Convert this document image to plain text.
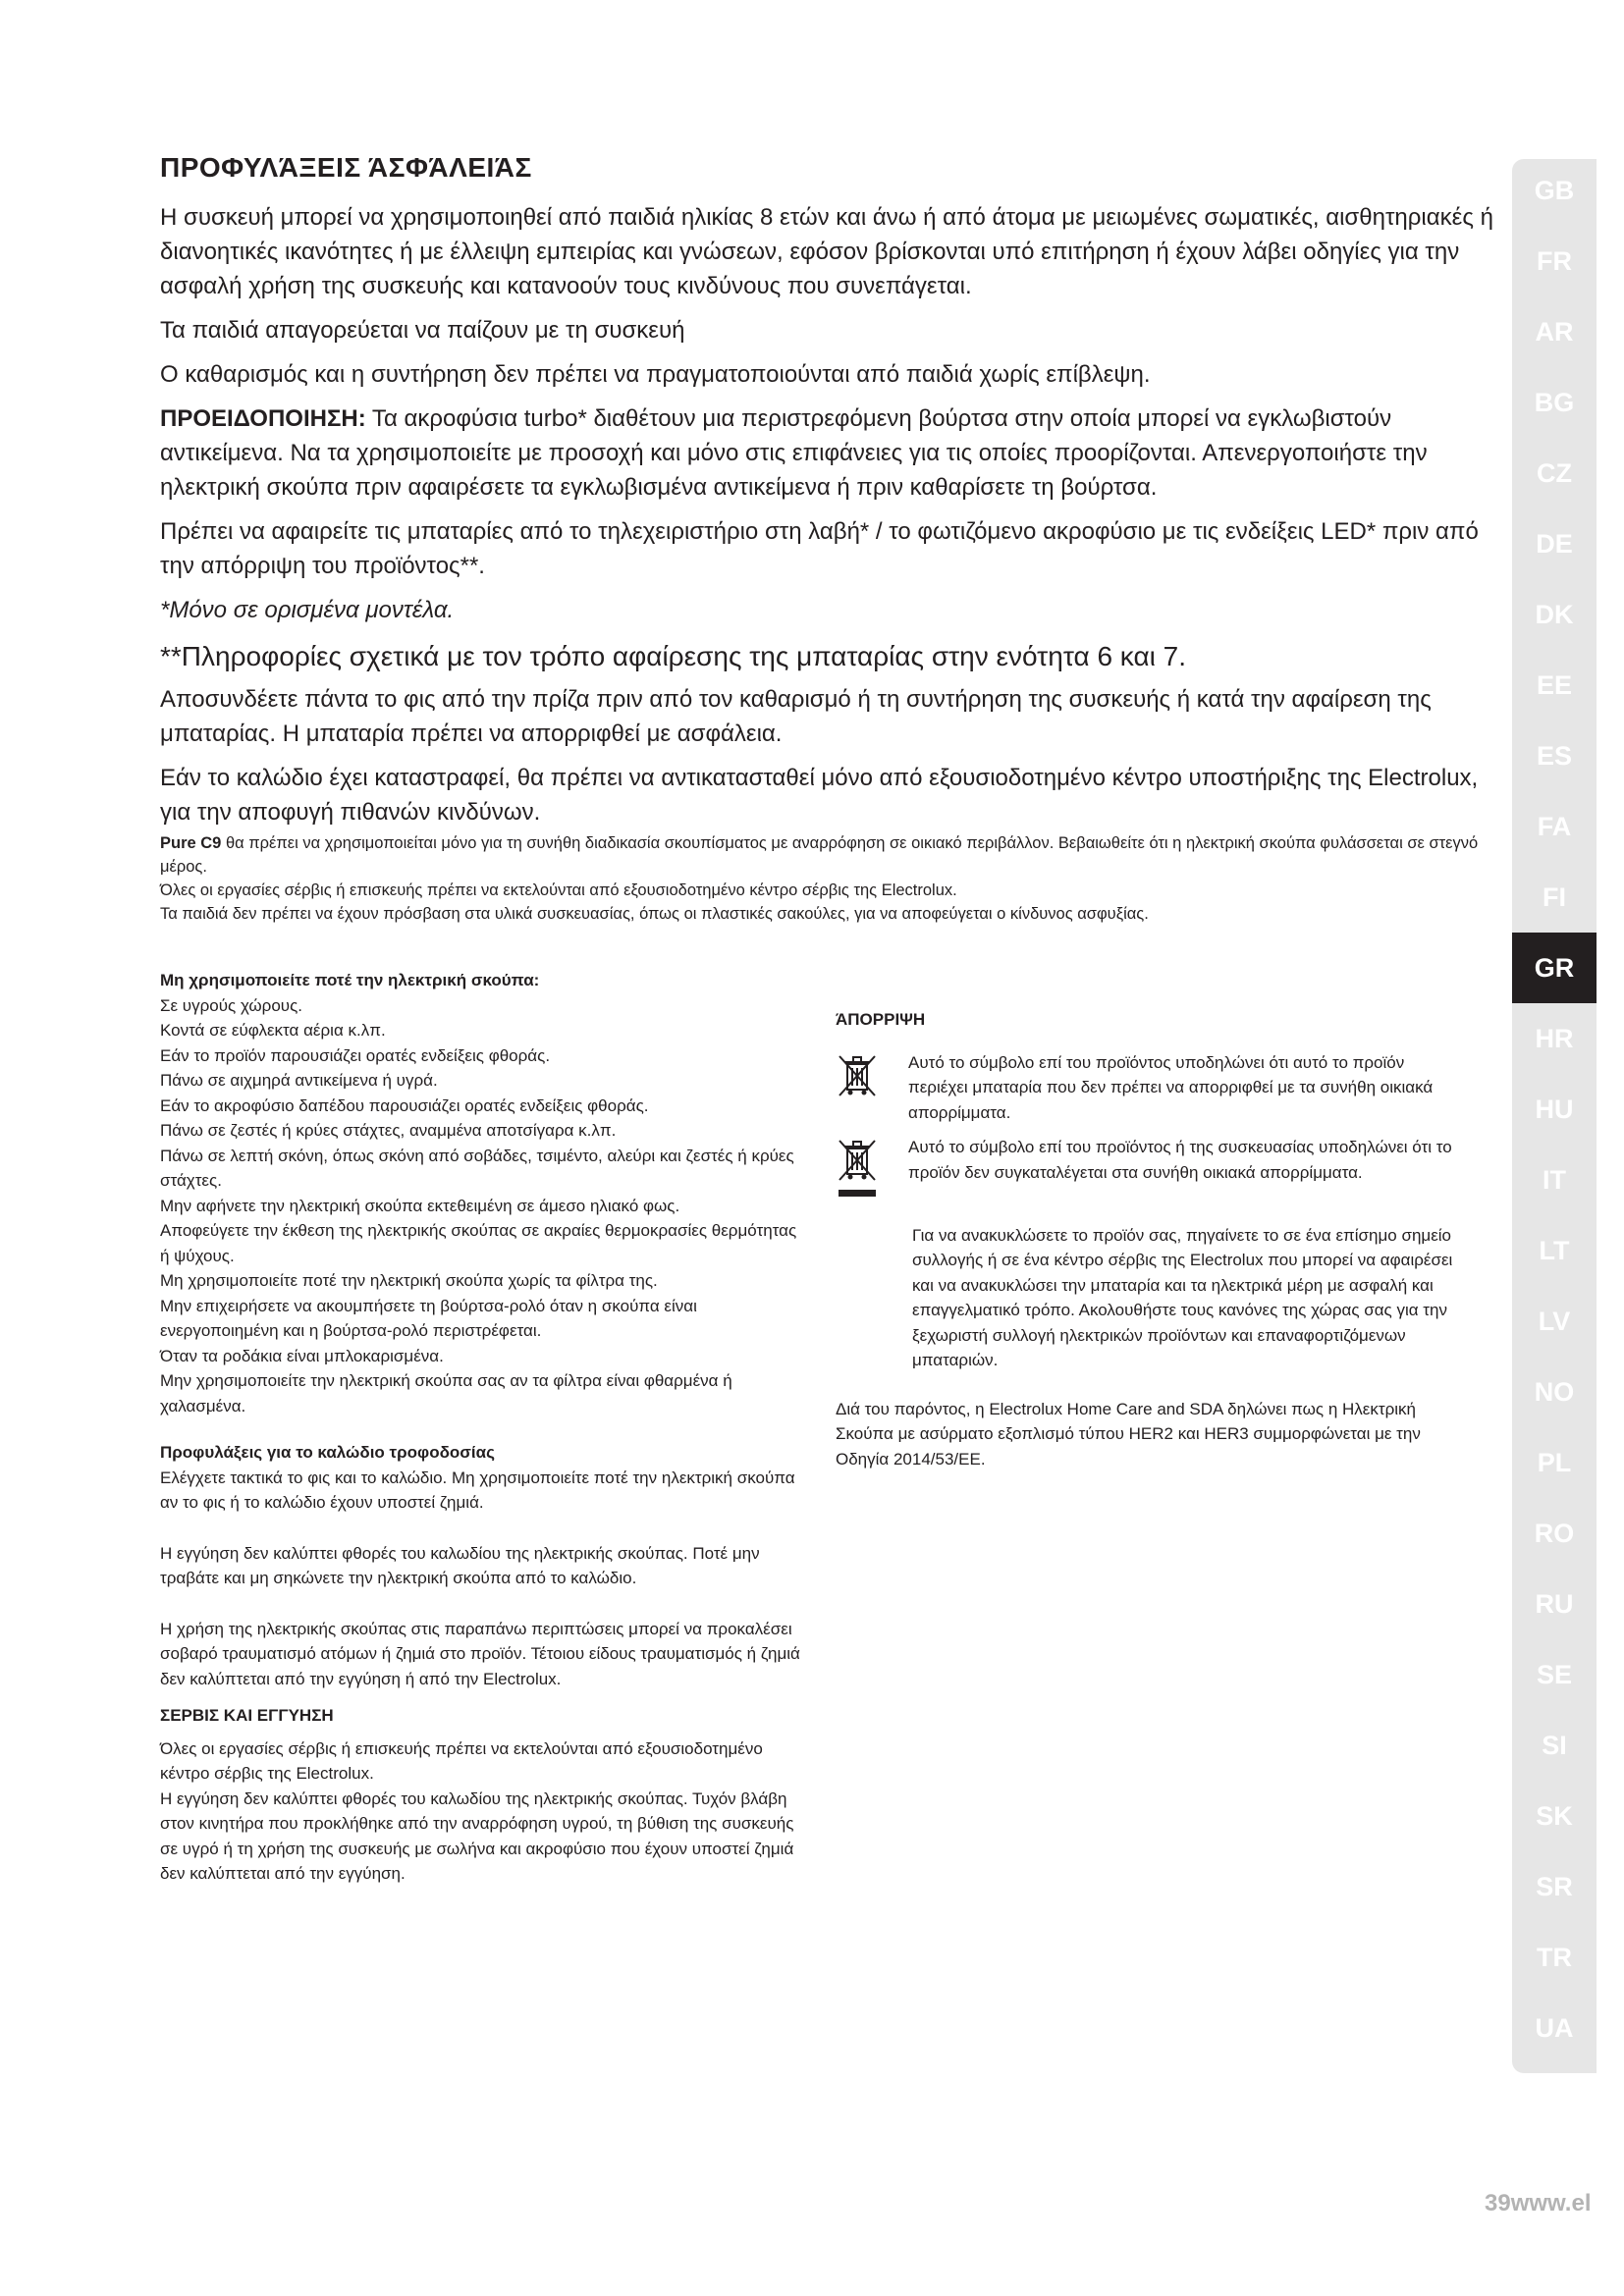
ΠΡΟΦΥΛΆΞΕΙΣ ΆΣΦΆΛΕΙΆΣ

Η συσκευή μπορεί να χρησιμοποιηθεί από παιδιά ηλικίας 8 ετών και άνω ή από άτομα με μειωμένες σωματικές, αισθητηριακές ή διανοητικές ικανότητες ή με έλλειψη εμπειρίας και γνώσεων, εφόσον βρίσκονται υπό επιτήρηση ή έχουν λάβει οδηγίες για την ασφαλή χρήση της συσκευής και κατανοούν τους κινδύνους που συνεπάγεται.

Τα παιδιά απαγορεύεται να παίζουν με τη συσκευή

Ο καθαρισμός και η συντήρηση δεν πρέπει να πραγματοποιούνται από παιδιά χωρίς επίβλεψη.

ΠΡΟΕΙΔΟΠΟΙΗΣΗ: Τα ακροφύσια turbo* διαθέτουν μια περιστρεφόμενη βούρτσα στην οποία μπορεί να εγκλωβιστούν αντικείμενα. Να τα χρησιμοποιείτε με προσοχή και μόνο στις επιφάνειες για τις οποίες προορίζονται. Απενεργοποιήστε την ηλεκτρική σκούπα πριν αφαιρέσετε τα εγκλωβισμένα αντικείμενα ή πριν καθαρίσετε τη βούρτσα.

Πρέπει να αφαιρείτε τις μπαταρίες από το τηλεχειριστήριο στη λαβή* / το φωτιζόμενο ακροφύσιο με τις ενδείξεις LED* πριν από την απόρριψη του προϊόντος**.

*Μόνο σε ορισμένα μοντέλα.

**Πληροφορίες σχετικά με τον τρόπο αφαίρεσης της μπαταρίας στην ενότητα 6 και 7.

Αποσυνδέετε πάντα το φις από την πρίζα πριν από τον καθαρισμό ή τη συντήρηση της συσκευής ή κατά την αφαίρεση της μπαταρίας. Η μπαταρία πρέπει να απορριφθεί με ασφάλεια.

Εάν το καλώδιο έχει καταστραφεί, θα πρέπει να αντικατασταθεί μόνο από εξουσιοδοτημένο κέντρο υποστήριξης της Electrolux, για την αποφυγή πιθανών κινδύνων.

Pure C9 θα πρέπει να χρησιμοποιείται μόνο για τη συνήθη διαδικασία σκουπίσματος με αναρρόφηση σε οικιακό περιβάλλον. Βεβαιωθείτε ότι η ηλεκτρική σκούπα φυλάσσεται σε στεγνό μέρος.

Όλες οι εργασίες σέρβις ή επισκευής πρέπει να εκτελούνται από εξουσιοδοτημένο κέντρο σέρβις της Electrolux.

Τα παιδιά δεν πρέπει να έχουν πρόσβαση στα υλικά συσκευασίας, όπως οι πλαστικές σακούλες, για να αποφεύγεται ο κίνδυνος ασφυξίας.

Μη χρησιμοποιείτε ποτέ την ηλεκτρική σκούπα:

Σε υγρούς χώρους.

Κοντά σε εύφλεκτα αέρια κ.λπ.

Εάν το προϊόν παρουσιάζει ορατές ενδείξεις φθοράς.

Πάνω σε αιχμηρά αντικείμενα ή υγρά.

Εάν το ακροφύσιο δαπέδου παρουσιάζει ορατές ενδείξεις φθοράς.

Πάνω σε ζεστές ή κρύες στάχτες, αναμμένα αποτσίγαρα κ.λπ.

Πάνω σε λεπτή σκόνη, όπως σκόνη από σοβάδες, τσιμέντο, αλεύρι και ζεστές ή κρύες στάχτες.

Μην αφήνετε την ηλεκτρική σκούπα εκτεθειμένη σε άμεσο ηλιακό φως.

Αποφεύγετε την έκθεση της ηλεκτρικής σκούπας σε ακραίες θερμοκρασίες θερμότητας ή ψύχους.

Μη χρησιμοποιείτε ποτέ την ηλεκτρική σκούπα χωρίς τα φίλτρα της.

Μην επιχειρήσετε να ακουμπήσετε τη βούρτσα-ρολό όταν η σκούπα είναι ενεργοποιημένη και η βούρτσα-ρολό περιστρέφεται.

Όταν τα ροδάκια είναι μπλοκαρισμένα.

Μην χρησιμοποιείτε την ηλεκτρική σκούπα σας αν τα φίλτρα είναι φθαρμένα ή χαλασμένα.

Προφυλάξεις για το καλώδιο τροφοδοσίας

Ελέγχετε τακτικά το φις και το καλώδιο. Μη χρησιμοποιείτε ποτέ την ηλεκτρική σκούπα αν το φις ή το καλώδιο έχουν υποστεί ζημιά.

Η εγγύηση δεν καλύπτει φθορές του καλωδίου της ηλεκτρικής σκούπας. Ποτέ μην τραβάτε και μη σηκώνετε την ηλεκτρική σκούπα από το καλώδιο.

Η χρήση της ηλεκτρικής σκούπας στις παραπάνω περιπτώσεις μπορεί να προκαλέσει σοβαρό τραυματισμό ατόμων ή ζημιά στο προϊόν. Τέτοιου είδους τραυματισμός ή ζημιά δεν καλύπτεται από την εγγύηση ή από την Electrolux.

ΣΕΡΒΙΣ ΚΑΙ ΕΓΓΥΗΣΗ

Όλες οι εργασίες σέρβις ή επισκευής πρέπει να εκτελούνται από εξουσιοδοτημένο κέντρο σέρβις της Electrolux.

Η εγγύηση δεν καλύπτει φθορές του καλωδίου της ηλεκτρικής σκούπας. Τυχόν βλάβη στον κινητήρα που προκλήθηκε από την αναρρόφηση υγρού, τη βύθιση της συσκευής σε υγρό ή τη χρήση της συσκευής με σωλήνα και ακροφύσιο που έχουν υποστεί ζημιά δεν καλύπτεται από την εγγύηση.

ΆΠΟΡΡΙΨΗ

Αυτό το σύμβολο επί του προϊόντος υποδηλώνει ότι αυτό το προϊόν περιέχει μπαταρία που δεν πρέπει να απορριφθεί με τα συνήθη οικιακά απορρίμματα.

Αυτό το σύμβολο επί του προϊόντος ή της συσκευασίας υποδηλώνει ότι το προϊόν δεν συγκαταλέγεται στα συνήθη οικιακά απορρίμματα.

Για να ανακυκλώσετε το προϊόν σας, πηγαίνετε το σε ένα επίσημο σημείο συλλογής ή σε ένα κέντρο σέρβις της Electrolux που μπορεί να αφαιρέσει και να ανακυκλώσει την μπαταρία και τα ηλεκτρικά μέρη με ασφαλή και επαγγελματικό τρόπο. Ακολουθήστε τους κανόνες της χώρας σας για την ξεχωριστή συλλογή ηλεκτρικών προϊόντων και επαναφορτιζόμενων μπαταριών.

Διά του παρόντος, η Electrolux Home Care and SDA δηλώνει πως η Ηλεκτρική Σκούπα με ασύρματο εξοπλισμό τύπου HER2 και HER3 συμμορφώνεται με την Οδηγία 2014/53/ΕΕ.

GB
FR
AR
BG
CZ
DE
DK
EE
ES
FA
FI
GR
HR
HU
IT
LT
LV
NO
PL
RO
RU
SE
SI
SK
SR
TR
UA
39www.el
